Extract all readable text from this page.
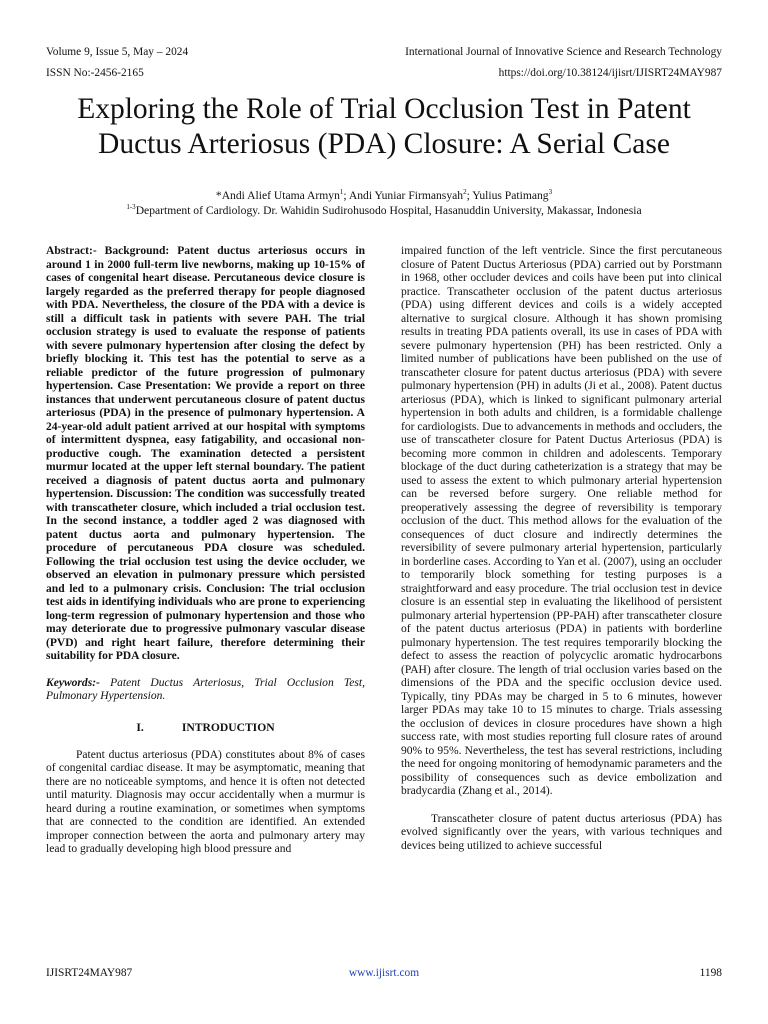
Volume 9, Issue 5, May – 2024	International Journal of Innovative Science and Research Technology
ISSN No:-2456-2165	https://doi.org/10.38124/ijisrt/IJISRT24MAY987
Exploring the Role of Trial Occlusion Test in Patent
Ductus Arteriosus (PDA) Closure: A Serial Case
*Andi Alief Utama Armyn$^1$; Andi Yuniar Firmansyah$^2$; Yulius Patimang$^3$
$^{1-3}$Department of Cardiology. Dr. Wahidin Sudirohusodo Hospital, Hasanuddin University, Makassar, Indonesia

Abstract:- Background: Patent ductus arteriosus occurs in around 1 in 2000 full-term live newborns, making up 10-15% of cases of congenital heart disease. Percutaneous device closure is largely regarded as the preferred therapy for people diagnosed with PDA. Nevertheless, the closure of the PDA with a device is still a difficult task in patients with severe PAH. The trial occlusion strategy is used to evaluate the response of patients with severe pulmonary hypertension after closing the defect by briefly blocking it. This test has the potential to serve as a reliable predictor of the future progression of pulmonary hypertension. Case Presentation: We provide a report on three instances that underwent percutaneous closure of patent ductus arteriosus (PDA) in the presence of pulmonary hypertension. A 24-year-old adult patient arrived at our hospital with symptoms of intermittent dyspnea, easy fatigability, and occasional non-productive cough. The examination detected a persistent murmur located at the upper left sternal boundary. The patient received a diagnosis of patent ductus aorta and pulmonary hypertension. Discussion: The condition was successfully treated with transcatheter closure, which included a trial occlusion test. In the second instance, a toddler aged 2 was diagnosed with patent ductus aorta and pulmonary hypertension. The procedure of percutaneous PDA closure was scheduled. Following the trial occlusion test using the device occluder, we observed an elevation in pulmonary pressure which persisted and led to a pulmonary crisis. Conclusion: The trial occlusion test aids in identifying individuals who are prone to experiencing long-term regression of pulmonary hypertension and those who may deteriorate due to progressive pulmonary vascular disease (PVD) and right heart failure, therefore determining their suitability for PDA closure.

Keywords:- Patent Ductus Arteriosus, Trial Occlusion Test, Pulmonary Hypertension.

I.	INTRODUCTION

Patent ductus arteriosus (PDA) constitutes about 8% of cases of congenital cardiac disease. It may be asymptomatic, meaning that there are no noticeable symptoms, and hence it is often not detected until maturity. Diagnosis may occur accidentally when a murmur is heard during a routine examination, or sometimes when symptoms that are connected to the condition are identified. An extended improper connection between the aorta and pulmonary artery may lead to gradually developing high blood pressure and

impaired function of the left ventricle. Since the first percutaneous closure of Patent Ductus Arteriosus (PDA) carried out by Porstmann in 1968, other occluder devices and coils have been put into clinical practice. Transcatheter occlusion of the patent ductus arteriosus (PDA) using different devices and coils is a widely accepted alternative to surgical closure. Although it has shown promising results in treating PDA patients overall, its use in cases of PDA with severe pulmonary hypertension (PH) has been restricted. Only a limited number of publications have been published on the use of transcatheter closure for patent ductus arteriosus (PDA) with severe pulmonary hypertension (PH) in adults (Ji et al., 2008). Patent ductus arteriosus (PDA), which is linked to significant pulmonary arterial hypertension in both adults and children, is a formidable challenge for cardiologists. Due to advancements in methods and occluders, the use of transcatheter closure for Patent Ductus Arteriosus (PDA) is becoming more common in children and adolescents. Temporary blockage of the duct during catheterization is a strategy that may be used to assess the extent to which pulmonary arterial hypertension can be reversed before surgery. One reliable method for preoperatively assessing the degree of reversibility is temporary occlusion of the duct. This method allows for the evaluation of the consequences of duct closure and indirectly determines the reversibility of severe pulmonary arterial hypertension, particularly in borderline cases. According to Yan et al. (2007), using an occluder to temporarily block something for testing purposes is a straightforward and easy procedure. The trial occlusion test in device closure is an essential step in evaluating the likelihood of persistent pulmonary arterial hypertension (PP-PAH) after transcatheter closure of the patent ductus arteriosus (PDA) in patients with borderline pulmonary hypertension. The test requires temporarily blocking the defect to assess the reaction of polycyclic aromatic hydrocarbons (PAH) after closure. The length of trial occlusion varies based on the dimensions of the PDA and the specific occlusion device used. Typically, tiny PDAs may be charged in 5 to 6 minutes, however larger PDAs may take 10 to 15 minutes to charge. Trials assessing the occlusion of devices in closure procedures have shown a high success rate, with most studies reporting full closure rates of around 90% to 95%. Nevertheless, the test has several restrictions, including the need for ongoing monitoring of hemodynamic parameters and the possibility of consequences such as device embolization and bradycardia (Zhang et al., 2014).

Transcatheter closure of patent ductus arteriosus (PDA) has evolved significantly over the years, with various techniques and devices being utilized to achieve successful

IJISRT24MAY987	www.ijisrt.com	1198
